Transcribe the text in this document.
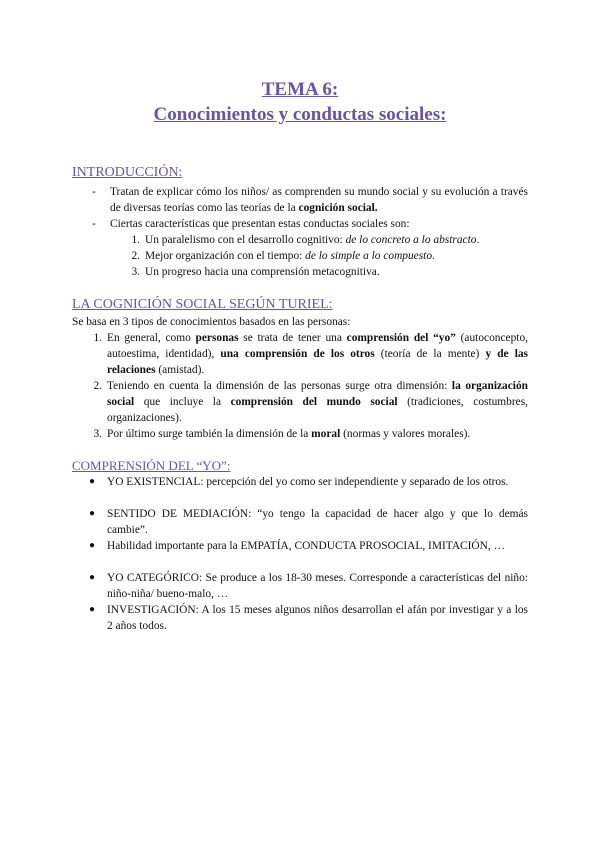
TEMA 6:
Conocimientos y conductas sociales:
INTRODUCCIÓN:
- Tratan de explicar cómo los niños/ as comprenden su mundo social y su evolución a través de diversas teorías como las teorías de la cognición social.
- Ciertas características que presentan estas conductas sociales son:
1. Un paralelismo con el desarrollo cognitivo: de lo concreto a lo abstracto.
2. Mejor organización con el tiempo: de lo simple a lo compuesto.
3. Un progreso hacia una comprensión metacognitiva.
LA COGNICIÓN SOCIAL SEGÚN TURIEL:
Se basa en 3 tipos de conocimientos basados en las personas:
1. En general, como personas se trata de tener una comprensión del “yo” (autoconcepto, autoestima, identidad), una comprensión de los otros (teoría de la mente) y de las relaciones (amistad).
2. Teniendo en cuenta la dimensión de las personas surge otra dimensión: la organización social que incluye la comprensión del mundo social (tradiciones, costumbres, organizaciones).
3. Por último surge también la dimensión de la moral (normas y valores morales).
COMPRENSIÓN DEL “YO”:
● YO EXISTENCIAL: percepción del yo como ser independiente y separado de los otros.
● SENTIDO DE MEDIACIÓN: “yo tengo la capacidad de hacer algo y que lo demás cambie”.
● Habilidad importante para la EMPATÍA, CONDUCTA PROSOCIAL, IMITACIÓN, …
● YO CATEGÓRICO: Se produce a los 18-30 meses. Corresponde a características del niño: niño-niña/ bueno-malo, …
● INVESTIGACIÓN: A los 15 meses algunos niños desarrollan el afán por investigar y a los 2 años todos.
